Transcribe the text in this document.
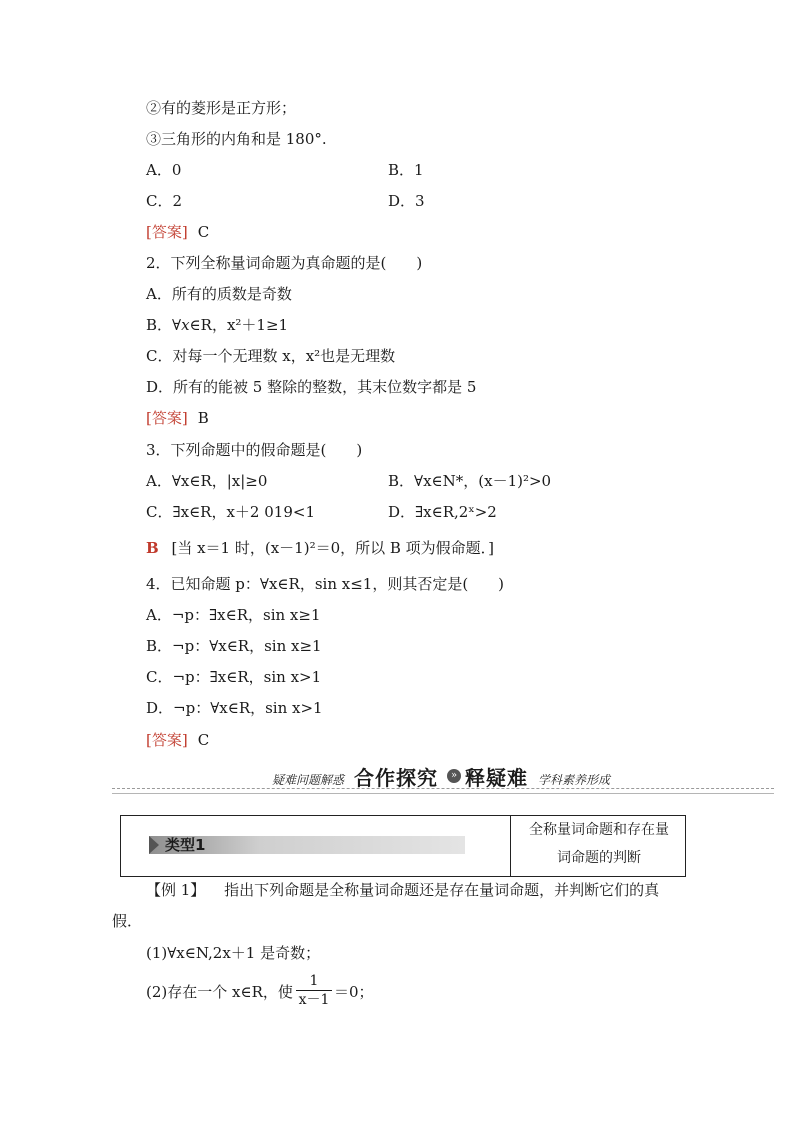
②有的菱形是正方形；
③三角形的内角和是 180°.
A．0	B．1
C．2	D．3
[答案] C
2．下列全称量词命题为真命题的是(　　)
A．所有的质数是奇数
B．∀x∈R，x²＋1≥1
C．对每一个无理数 x，x²也是无理数
D．所有的能被 5 整除的整数，其末位数字都是 5
[答案] B
3．下列命题中的假命题是(　　)
A．∀x∈R，|x|≥0	B．∀x∈N*，(x－1)²>0
C．∃x∈R，x＋2 019<1	D．∃x∈R,2ˣ>2
B [当 x＝1 时，(x－1)²＝0，所以 B 项为假命题．]
4．已知命题 p：∀x∈R，sin x≤1，则其否定是(　　)
A．¬p：∃x∈R，sin x≥1
B．¬p：∀x∈R，sin x≥1
C．¬p：∃x∈R，sin x>1
D．¬p：∀x∈R，sin x>1
[答案] C
疑难问题解惑 合作探究	» 释疑难 学科素养形成
类型1
全称量词命题和存在量
词命题的判断
【例 1】 指出下列命题是全称量词命题还是存在量词命题，并判断它们的真
假．
(1)∀x∈N,2x＋1 是奇数；
(2)存在一个 x∈R，使 $\frac{1}{x-1} =0$；
